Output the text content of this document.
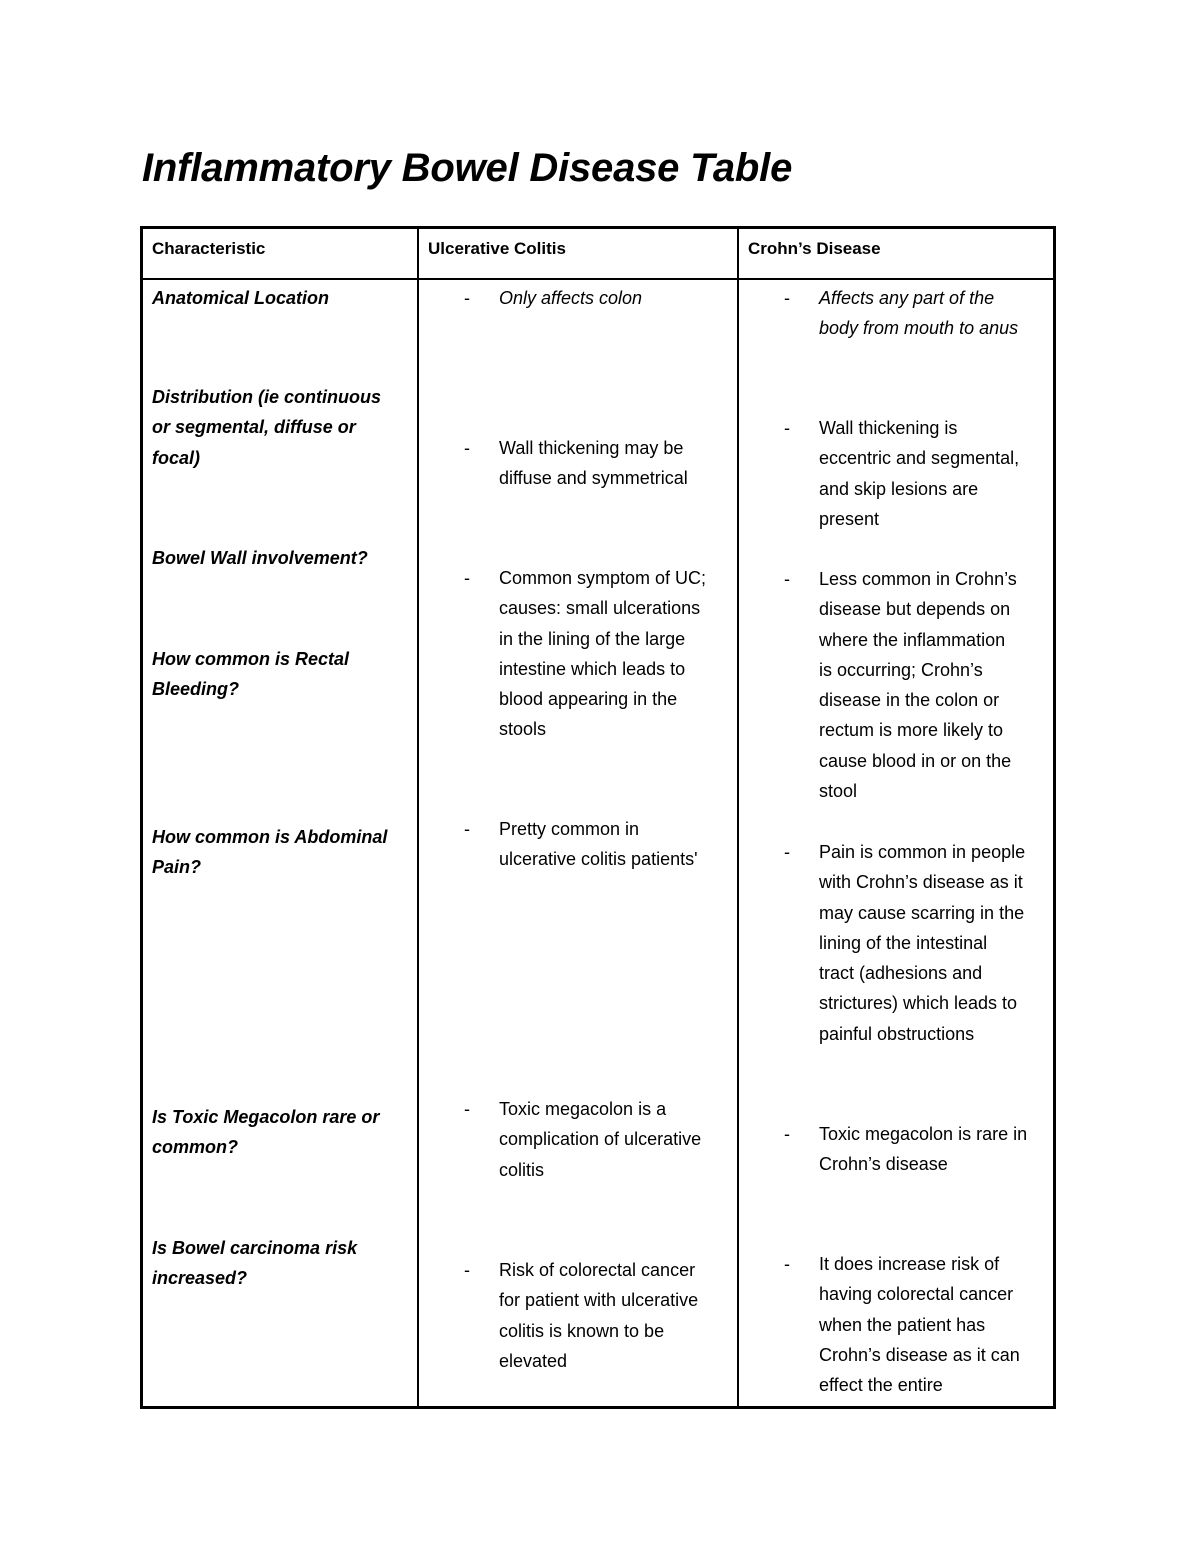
Inflammatory Bowel Disease Table
Characteristic	Ulcerative Colitis	Crohn’s Disease
Anatomical Location
Distribution (ie continuous
or segmental, diffuse or
focal)
Bowel Wall involvement?
How common is Rectal
Bleeding?
How common is Abdominal
Pain?
Is Toxic Megacolon rare or
common?
Is Bowel carcinoma risk
increased?
- Only affects colon
- Wall thickening may be
diffuse and symmetrical
- Common symptom of UC;
causes: small ulcerations
in the lining of the large
intestine which leads to
blood appearing in the
stools
- Pretty common in
ulcerative colitis patients'
- Toxic megacolon is a
complication of ulcerative
colitis
- Risk of colorectal cancer
for patient with ulcerative
colitis is known to be
elevated
- Affects any part of the
body from mouth to anus
- Wall thickening is
eccentric and segmental,
and skip lesions are
present
- Less common in Crohn’s
disease but depends on
where the inflammation
is occurring; Crohn’s
disease in the colon or
rectum is more likely to
cause blood in or on the
stool
- Pain is common in people
with Crohn’s disease as it
may cause scarring in the
lining of the intestinal
tract (adhesions and
strictures) which leads to
painful obstructions
- Toxic megacolon is rare in
Crohn’s disease
- It does increase risk of
having colorectal cancer
when the patient has
Crohn’s disease as it can
effect the entire
